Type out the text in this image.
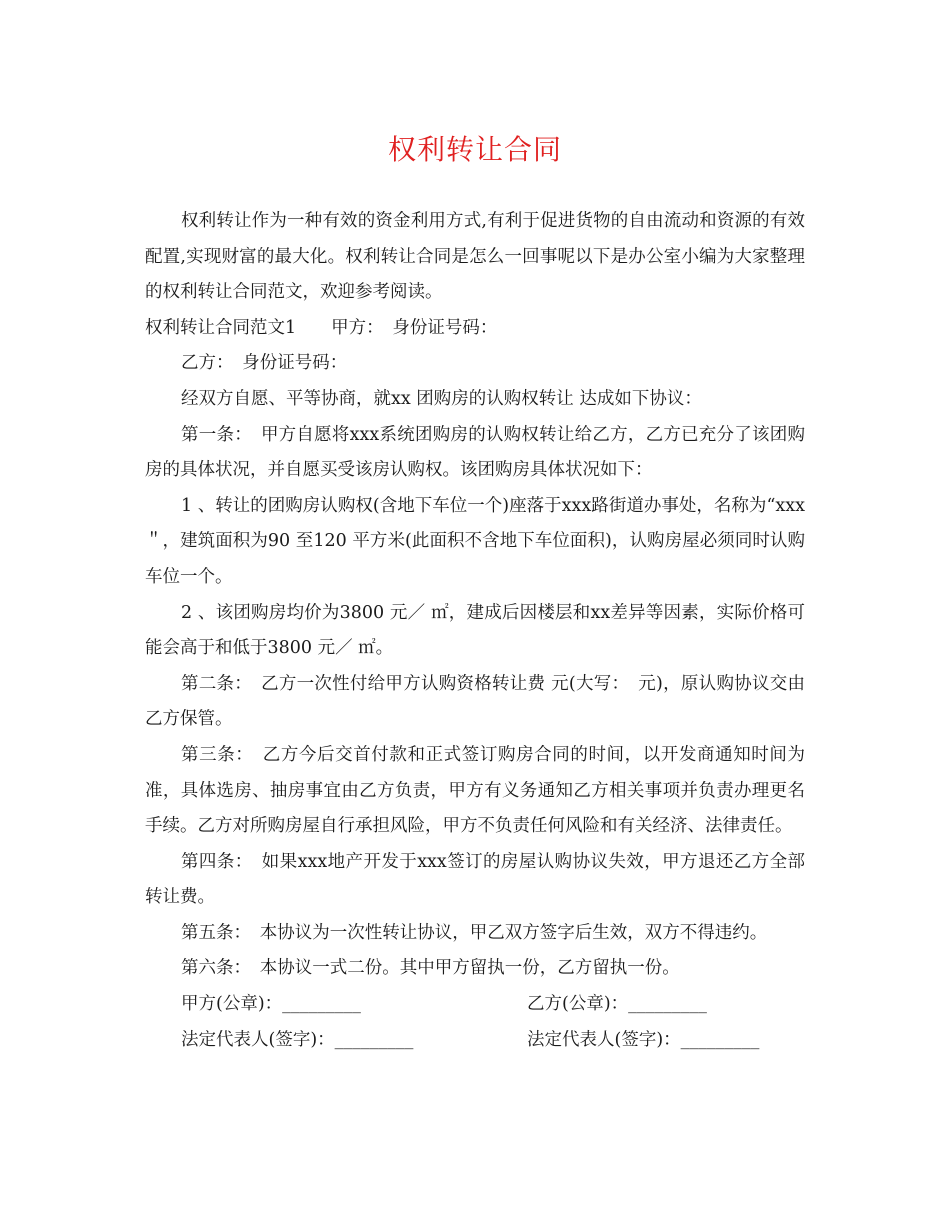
权利转让合同

权利转让作为一种有效的资金利用方式,有利于促进货物的自由流动和资源的有效配置,实现财富的最大化。权利转让合同是怎么一回事呢以下是办公室小编为大家整理的权利转让合同范文，欢迎参考阅读。

权利转让合同范文1　　甲方：　身份证号码：

乙方：　身份证号码：

经双方自愿、平等协商，就xx 团购房的认购权转让 达成如下协议：

第一条：　甲方自愿将xxx系统团购房的认购权转让给乙方，乙方已充分了该团购房的具体状况，并自愿买受该房认购权。该团购房具体状况如下：

1 、转让的团购房认购权(含地下车位一个)座落于xxx路街道办事处，名称为“xxx＂，建筑面积为90 至120 平方米(此面积不含地下车位面积)，认购房屋必须同时认购车位一个。

2 、该团购房均价为3800 元／ ㎡，建成后因楼层和xx差异等因素，实际价格可能会高于和低于3800 元／ ㎡。

第二条：　乙方一次性付给甲方认购资格转让费 元(大写：　元)，原认购协议交由乙方保管。

第三条：　乙方今后交首付款和正式签订购房合同的时间，以开发商通知时间为准，具体选房、抽房事宜由乙方负责，甲方有义务通知乙方相关事项并负责办理更名手续。乙方对所购房屋自行承担风险，甲方不负责任何风险和有关经济、法律责任。

第四条：　如果xxx地产开发于xxx签订的房屋认购协议失效，甲方退还乙方全部转让费。

第五条：　本协议为一次性转让协议，甲乙双方签字后生效，双方不得违约。

第六条：　本协议一式二份。其中甲方留执一份，乙方留执一份。

甲方(公章)：_________	乙方(公章)：_________
法定代表人(签字)：_________	法定代表人(签字)：_________
